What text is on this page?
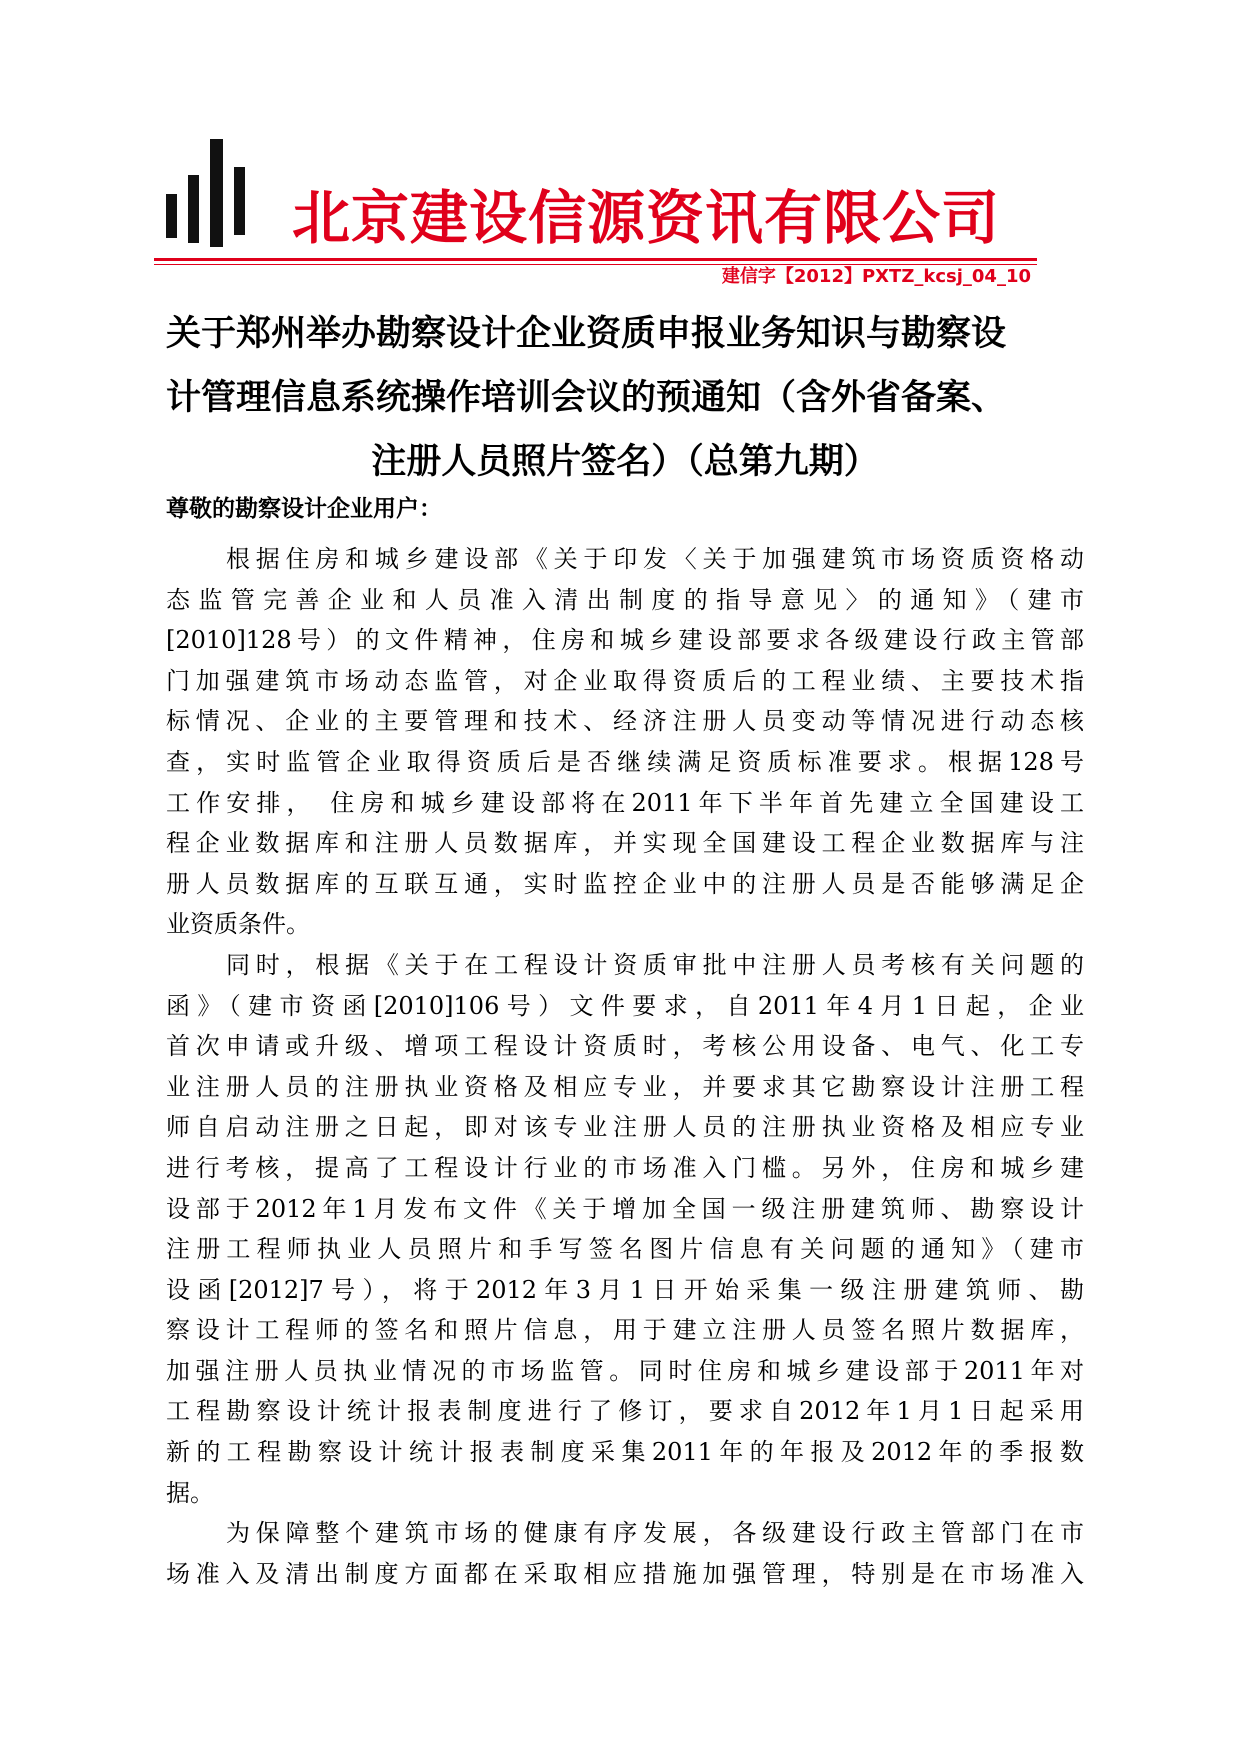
北京建设信源资讯有限公司
建信字【2012】PXTZ_kcsj_04_10
关于郑州举办勘察设计企业资质申报业务知识与勘察设
计管理信息系统操作培训会议的预通知（含外省备案、
注册人员照片签名）（总第九期）
尊敬的勘察设计企业用户：

根据住房和城乡建设部《关于印发〈关于加强建筑市场资质资格动
态监管完善企业和人员准入清出制度的指导意见〉的通知》（建市
[2010]128号）的文件精神，住房和城乡建设部要求各级建设行政主管部
门加强建筑市场动态监管，对企业取得资质后的工程业绩、主要技术指
标情况、企业的主要管理和技术、经济注册人员变动等情况进行动态核
查，实时监管企业取得资质后是否继续满足资质标准要求。根据128号
工作安排， 住房和城乡建设部将在2011年下半年首先建立全国建设工
程企业数据库和注册人员数据库，并实现全国建设工程企业数据库与注
册人员数据库的互联互通，实时监控企业中的注册人员是否能够满足企
业资质条件。

同时，根据《关于在工程设计资质审批中注册人员考核有关问题的
函》（建市资函[2010]106号）文件要求，自2011年4月1日起，企业
首次申请或升级、增项工程设计资质时，考核公用设备、电气、化工专
业注册人员的注册执业资格及相应专业，并要求其它勘察设计注册工程
师自启动注册之日起，即对该专业注册人员的注册执业资格及相应专业
进行考核，提高了工程设计行业的市场准入门槛。另外，住房和城乡建
设部于2012年1月发布文件《关于增加全国一级注册建筑师、勘察设计
注册工程师执业人员照片和手写签名图片信息有关问题的通知》（建市
设函[2012]7号），将于2012年3月1日开始采集一级注册建筑师、勘
察设计工程师的签名和照片信息，用于建立注册人员签名照片数据库，
加强注册人员执业情况的市场监管。同时住房和城乡建设部于2011年对
工程勘察设计统计报表制度进行了修订，要求自2012年1月1日起采用
新的工程勘察设计统计报表制度采集2011年的年报及2012年的季报数
据。

为保障整个建筑市场的健康有序发展，各级建设行政主管部门在市
场准入及清出制度方面都在采取相应措施加强管理，特别是在市场准入
